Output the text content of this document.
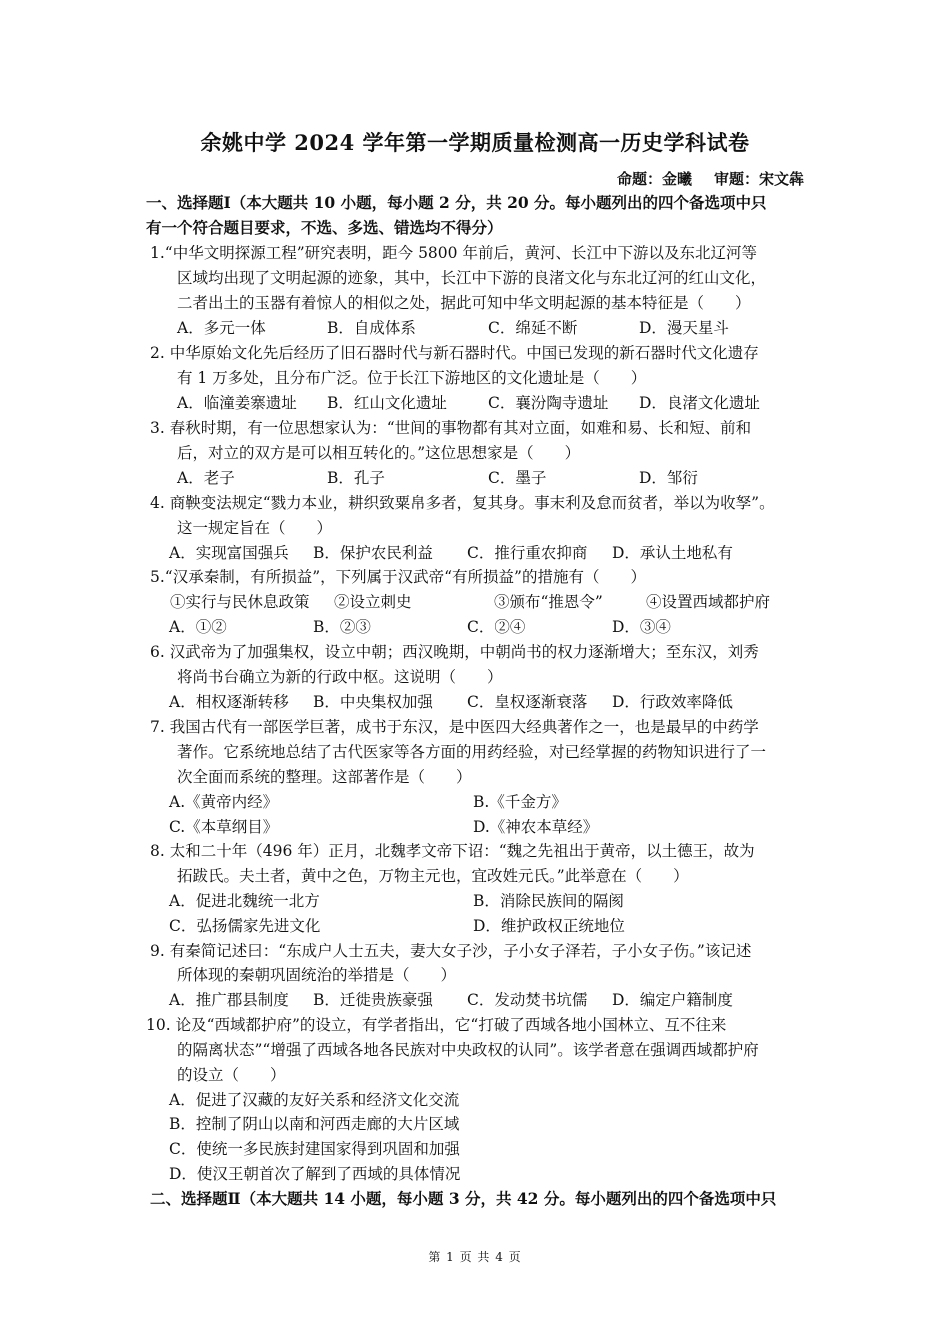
余姚中学 2024 学年第一学期质量检测高一历史学科试卷
命题：金曦 审题：宋文犇
一、选择题Ⅰ（本大题共 10 小题，每小题 2 分，共 20 分。每小题列出的四个备选项中只
有一个符合题目要求，不选、多选、错选均不得分）
1.“中华文明探源工程”研究表明，距今 5800 年前后，黄河、长江中下游以及东北辽河等
区域均出现了文明起源的迹象，其中，长江中下游的良渚文化与东北辽河的红山文化，
二者出土的玉器有着惊人的相似之处，据此可知中华文明起源的基本特征是（　　）
A．多元一体	B．自成体系	C．绵延不断	D．漫天星斗
2. 中华原始文化先后经历了旧石器时代与新石器时代。中国已发现的新石器时代文化遗存
有 1 万多处，且分布广泛。位于长江下游地区的文化遗址是（　　）
A．临潼姜寨遗址 B．红山文化遗址	C．襄汾陶寺遗址 D．良渚文化遗址
3. 春秋时期，有一位思想家认为：“世间的事物都有其对立面，如难和易、长和短、前和
后，对立的双方是可以相互转化的。”这位思想家是（　　）
A．老子	B．孔子	C．墨子	D．邹衍
4. 商鞅变法规定“戮力本业，耕织致粟帛多者，复其身。事末利及怠而贫者，举以为收孥”。
这一规定旨在（　　）
A．实现富国强兵 B．保护农民利益 C．推行重农抑商 D．承认土地私有
5.“汉承秦制，有所损益”，下列属于汉武帝“有所损益”的措施有（　　）
①实行与民休息政策 ②设立刺史	③颁布“推恩令”	④设置西域都护府
A．①②	B．②③	C．②④	D．③④
6. 汉武帝为了加强集权，设立中朝；西汉晚期，中朝尚书的权力逐渐增大；至东汉，刘秀
将尚书台确立为新的行政中枢。这说明（　　）
A．相权逐渐转移 B．中央集权加强 C．皇权逐渐衰落 D．行政效率降低
7. 我国古代有一部医学巨著，成书于东汉，是中医四大经典著作之一，也是最早的中药学
著作。它系统地总结了古代医家等各方面的用药经验，对已经掌握的药物知识进行了一
次全面而系统的整理。这部著作是（　　）
A.《黄帝内经》	B.《千金方》
C.《本草纲目》	D.《神农本草经》
8. 太和二十年（496 年）正月，北魏孝文帝下诏：“魏之先祖出于黄帝，以土德王，故为
拓跋氏。夫土者，黄中之色，万物主元也，宜改姓元氏。”此举意在（　　）
A．促进北魏统一北方	B．消除民族间的隔阂
C．弘扬儒家先进文化	D．维护政权正统地位
9. 有秦简记述曰：“东成户人士五夫，妻大女子沙，子小女子泽若，子小女子伤。”该记述
所体现的秦朝巩固统治的举措是（　　）
A．推广郡县制度 B．迁徙贵族豪强 C．发动焚书坑儒 D．编定户籍制度
10. 论及“西域都护府”的设立，有学者指出，它“打破了西域各地小国林立、互不往来
的隔离状态”“增强了西域各地各民族对中央政权的认同”。该学者意在强调西域都护府
的设立（　　）
A．促进了汉藏的友好关系和经济文化交流
B．控制了阴山以南和河西走廊的大片区域
C．使统一多民族封建国家得到巩固和加强
D．使汉王朝首次了解到了西域的具体情况
二、选择题Ⅱ（本大题共 14 小题，每小题 3 分，共 42 分。每小题列出的四个备选项中只
第 1 页 共 4 页
